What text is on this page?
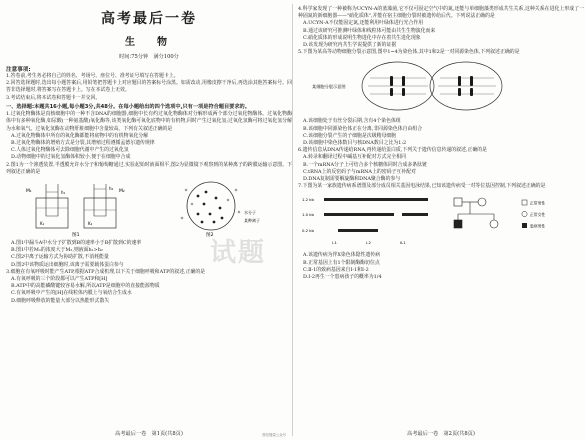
高考最后一卷
生　物
时间:75分钟　满分100分
注意事项:

1.答卷前,考生务必将自己的姓名、考场号、座位号、准考证号填写在答题卡上。

2.回答选择题时,选出每小题答案后,用铅笔把答题卡上对应题目的答案标号涂黑。如需改动,用橡皮擦干净后,再选涂其他答案标号。回答非选择题时,将答案写在答题卡上。写在本试卷上无效。

3.考试结束后,将本试卷和答题卡一并交回。

一、选择题:本题共16小题,每小题3分,共48分。在每小题给出的四个选项中,只有一项是符合题目要求的。

1.过氧化物酶体是真核细胞中的一种不含DNA的细胞器,细胞中长有约过氧化物酶体对分解形成两个部分过氧化物酶体。过氧化物酶体中有多种氧化酶,如尿酸(一种氨基酸)氧化酶等,该类氧化酶可氧化底物中的有机物,同时产生过氧化氢;过氧化氢酶可将过氧化氢分解为水和氧气。过氧化氢酶在动物肝脏细胞中含量较高。下列有关叙述正确的是

A.过氧化物酶体中所有的氧化酶都能将底物中的有机物氧化分解

B.过氧化物酶体的增殖方式是分裂,其增殖过程遵循孟德尔遗传规律

C.人体过氧化物酶体可去除细胞代谢中产生的过氧化氢

D.动物细胞中的过氧化氢酶体积较小,便于在细胞中合成

2.图1为一个渗透装置,半透膜允许水分子和葡萄糖通过,实验起始时液面相平,图2为显微镜下观察到的某种离子的跨膜运输示意图。下列叙述正确的是

M₁	M₂
h₁
h₂
K₁	K₂
图1
水分子
某种离子
图2

A.图1中漏斗A中水分子扩散到B的速率小于B扩散到C的速率

B.图1中若M₁的浓度大于M₂,则液面h₁>h₂

C.图2中离子运输方式为协助扩散,不消耗能量

D.图2中该物质运出细胞时,该离子需要载体蛋白参与

3.细胞在有氧呼吸时能产生ATP,根据ATP合成机理,以下关于细胞呼吸和ATP的叙述,正确的是

A.有氧呼吸的三个阶段都可以产生ATP和[H]

B.ATP中的高能磷酸键较容易水解,所以ATP是细胞中的直接能源物质

C.有氧呼吸中产生的[H]在线粒体内膜上与氧结合生成水

D.细胞呼吸释放的能量大部分以热能形式散失

高考最后一卷　第1页(共8页)	微信搜索公众号

4.科学家发现了一种被称为UCYN-A的蓝藻菌,它不仅可固定空气中的氮,还能与单细胞藻类形成共生关系,这种关系在进化上形成了一种固氮的新细胞器——"硝化质体",并能在宿主细胞分裂时被遗传给后代。下列说法正确的是

A.UCYN-A不仅能固定氮,还能利用叶绿体进行光合作用

B.通过该研究可推测叶绿体和线粒体可能由共生生物演化而来

C.硝化质体的形成说明生物进化中存在着共生进化现象

D.该发现为研究内共生学说提供了新的证据

5.下图为某高等动物细胞分裂示意图,图中1~4为染色体,其中1和2是一对同源染色体,下列叙述正确的是

某细胞分裂示意图

A.该细胞处于有丝分裂后期,含有4个染色体组

B.该细胞中同源染色体正在分离,非同源染色体自由组合

C.该细胞分裂产生的子细胞是次级精母细胞

D.该细胞中染色体数目与核DNA数目之比为1:2

6.遗传信息从DNA传递给RNA,再传递给蛋白质,下列关于遗传信息传递的叙述,正确的是

A.转录和翻译过程中碱基互补配对方式完全相同

B.一个mRNA分子上可结合多个核糖体同时合成多条肽链

C.tRNA上的反密码子与mRNA上的密码子互补配对

D.DNA复制需要解旋酶和DNA聚合酶的参与

7.下图为某一家族遗传病系谱图及部分成员相关基因电泳结果,已知该遗传病受一对等位基因控制,下列叙述正确的是

1.2 kb
1.0 kb
0.2 kb
Ⅰ-1	Ⅰ-2	Ⅱ-1
正常男性
正常女性
患病男性

A.该遗传病为伴X染色体隐性遗传病

B.正常基因上有1个限制酶酶切位点

C.Ⅱ-1的致病基因来自Ⅰ-1和Ⅰ-2

D.Ⅰ-2再生一个患病孩子的概率为1/4

高考最后一卷　第2页(共8页)
试题
